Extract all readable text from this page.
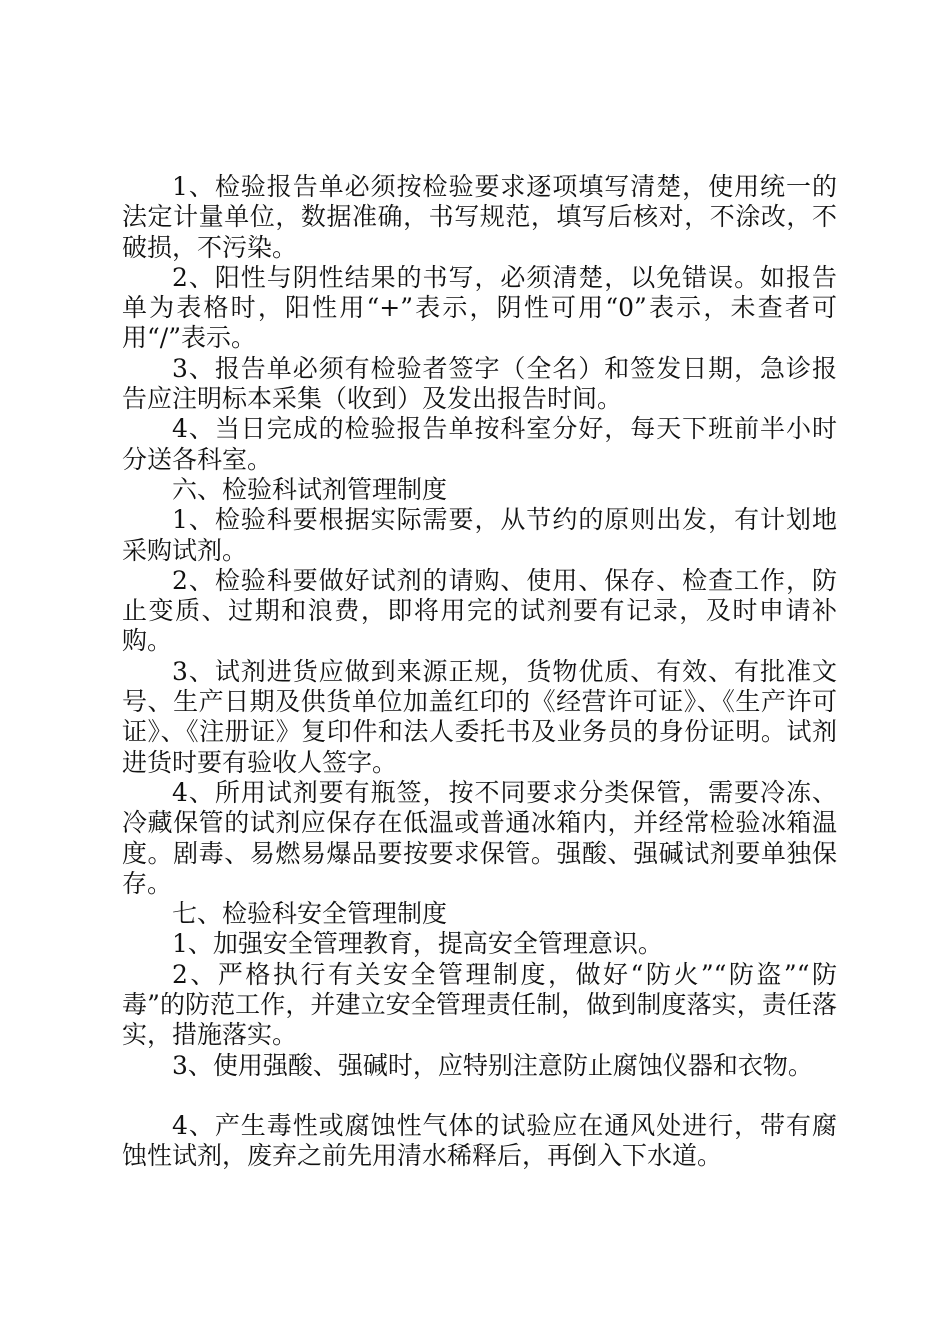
1、检验报告单必须按检验要求逐项填写清楚，使用统一的法定计量单位，数据准确，书写规范，填写后核对，不涂改，不破损，不污染。

2、阳性与阴性结果的书写，必须清楚，以免错误。如报告单为表格时，阳性用“+”表示，阴性可用“0”表示，未查者可用“/”表示。

3、报告单必须有检验者签字（全名）和签发日期，急诊报告应注明标本采集（收到）及发出报告时间。

4、当日完成的检验报告单按科室分好，每天下班前半小时分送各科室。

六、检验科试剂管理制度

1、检验科要根据实际需要，从节约的原则出发，有计划地采购试剂。

2、检验科要做好试剂的请购、使用、保存、检查工作，防止变质、过期和浪费，即将用完的试剂要有记录，及时申请补购。

3、试剂进货应做到来源正规，货物优质、有效、有批准文号、生产日期及供货单位加盖红印的《经营许可证》、《生产许可证》、《注册证》复印件和法人委托书及业务员的身份证明。试剂进货时要有验收人签字。

4、所用试剂要有瓶签，按不同要求分类保管，需要冷冻、冷藏保管的试剂应保存在低温或普通冰箱内，并经常检验冰箱温度。剧毒、易燃易爆品要按要求保管。强酸、强碱试剂要单独保存。

七、检验科安全管理制度

1、加强安全管理教育，提高安全管理意识。

2、严格执行有关安全管理制度，做好“防火”“防盗”“防毒”的防范工作，并建立安全管理责任制，做到制度落实，责任落实，措施落实。

3、使用强酸、强碱时，应特别注意防止腐蚀仪器和衣物。

4、产生毒性或腐蚀性气体的试验应在通风处进行，带有腐蚀性试剂，废弃之前先用清水稀释后，再倒入下水道。
